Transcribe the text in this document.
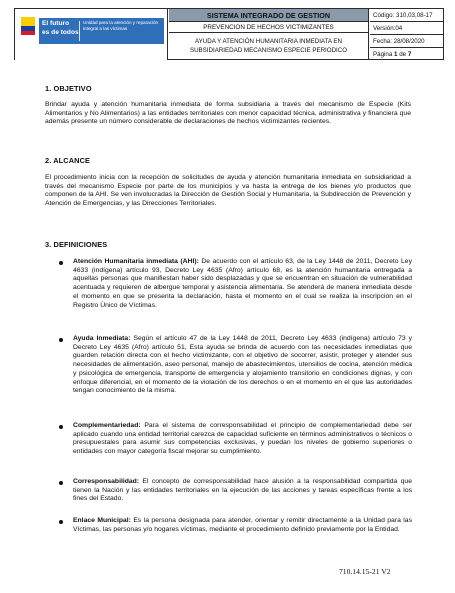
El futuro
es de todos
Unidad para la atención y reparación integral a las víctimas
SISTEMA INTEGRADO DE GESTION
PREVENCION DE HECHOS VICTIMIZANTES
AYUDA Y ATENCIÓN HUMANITARIA INMEDIATA EN SUBSIDIARIEDAD MECANISMO ESPECIE PERIODICO
Código: 310,03,08-17
Versión:04
Fecha: 28/08/2020
Página 1 de 7
1. OBJETIVO
Brindar ayuda y atención humanitaria inmediata de forma subsidiaria a través del mecanismo de Especie (Kits Alimentarios y No Alimentarios) a las entidades territoriales con menor capacidad técnica, administrativa y financiera que además presente un número considerable de declaraciones de hechos victimizantes recientes.
2. ALCANCE
El procedimiento inicia con la recepción de solicitudes de ayuda y atención humanitaria inmediata en subsidiaridad a través del mecanismo Especie por parte de los municipios y va hasta la entrega de los bienes y/o productos que componen de la AHI. Se ven involucradas la Dirección de Gestión Social y Humanitaria, la Subdirección de Prevención y Atención de Emergencias, y las Direcciones Territoriales.
3. DEFINICIONES
Atención Humanitaria inmediata (AHI): De acuerdo con el artículo 63, de la Ley 1448 de 2011, Decreto Ley 4633 (indígena) artículo 93, Decreto Ley 4635 (Afro) artículo 68, es la atención humanitaria entregada a aquellas personas que manifiestan haber sido desplazadas y que se encuentran en situación de vulnerabilidad acentuada y requieren de albergue temporal y asistencia alimentaria. Se atenderá de manera inmediata desde el momento en que se presenta la declaración, hasta el momento en el cual se realiza la inscripción en el Registro Único de Víctimas.
Ayuda Inmediata: Según el artículo 47 de la Ley 1448 de 2011, Decreto Ley 4633 (indígena) artículo 73 y Decreto Ley 4635 (Afro) artículo 51, Esta ayuda se brinda de acuerdo con las necesidades inmediatas que guarden relación directa con el hecho victimizante, con el objetivo de socorrer, asistir, proteger y atender sus necesidades de alimentación, aseo personal, manejo de abastecimientos, utensilios de cocina, atención médica y psicológica de emergencia, transporte de emergencia y alojamiento transitorio en condiciones dignas, y con enfoque diferencial, en el momento de la violación de los derechos o en el momento en el que las autoridades tengan conocimiento de la misma.
Complementariedad: Para el sistema de corresponsabilidad el principio de complementariedad debe ser aplicado cuando una entidad territorial carezca de capacidad suficiente en términos administrativos o técnicos o presupuestales para asumir sus competencias exclusivas, y puedan los niveles de gobierno superiores o entidades con mayor categoría fiscal mejorar su cumplimiento.
Corresponsabilidad: El concepto de corresponsabilidad hace alusión a la responsabilidad compartida que tienen la Nación y las entidades territoriales en la ejecución de las acciones y tareas específicas frente a los fines del Estado.
Enlace Municipal: Es la persona designada para atender, orientar y remitir directamente a la Unidad para las Víctimas, las personas y/o hogares víctimas, mediante el procedimiento definido previamente por la Entidad.
710.14.15-21 V2
